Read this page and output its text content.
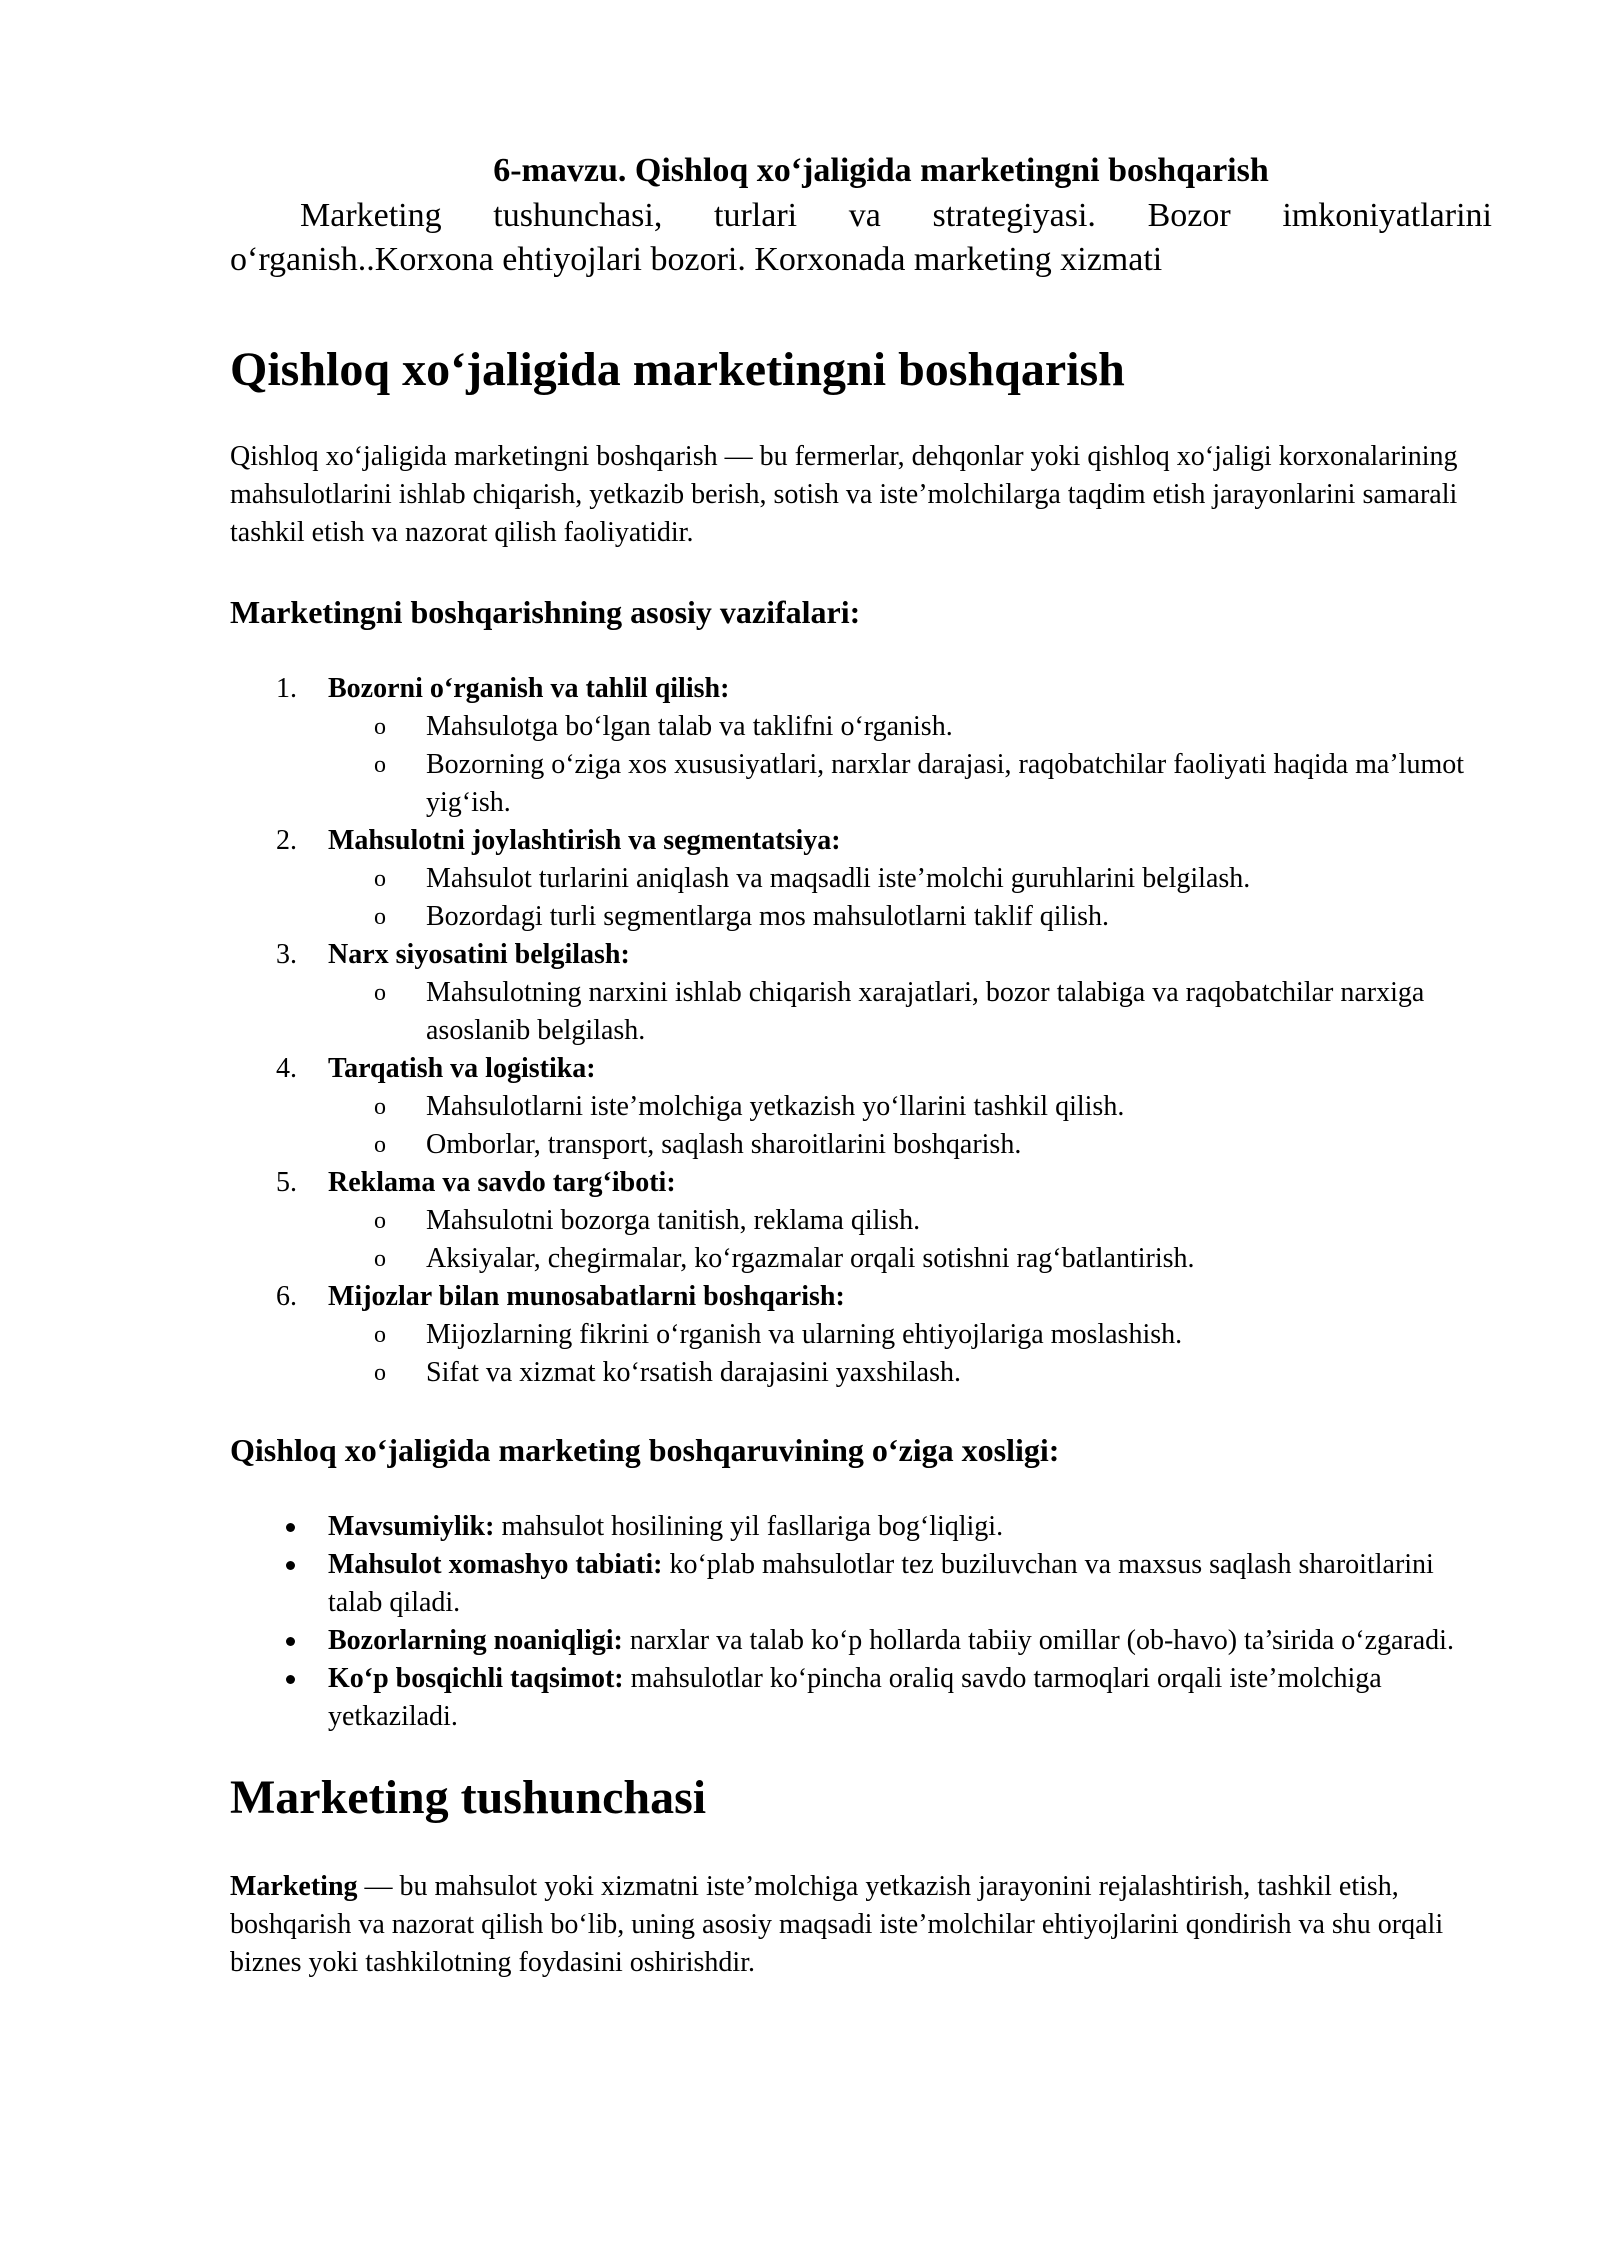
6-mavzu. Qishloq xo‘jaligida marketingni boshqarish

Marketing tushunchasi, turlari va strategiyasi. Bozor imkoniyatlarini o‘rganish..Korxona ehtiyojlari bozori. Korxonada marketing xizmati

Qishloq xo‘jaligida marketingni boshqarish

Qishloq xo‘jaligida marketingni boshqarish — bu fermerlar, dehqonlar yoki qishloq xo‘jaligi korxonalarining mahsulotlarini ishlab chiqarish, yetkazib berish, sotish va iste’molchilarga taqdim etish jarayonlarini samarali tashkil etish va nazorat qilish faoliyatidir.

Marketingni boshqarishning asosiy vazifalari:
1. Bozorni o‘rganish va tahlil qilish:
o Mahsulotga bo‘lgan talab va taklifni o‘rganish.
o Bozorning o‘ziga xos xususiyatlari, narxlar darajasi, raqobatchilar faoliyati haqida ma’lumot yig‘ish.
2. Mahsulotni joylashtirish va segmentatsiya:
o Mahsulot turlarini aniqlash va maqsadli iste’molchi guruhlarini belgilash.
o Bozordagi turli segmentlarga mos mahsulotlarni taklif qilish.
3. Narx siyosatini belgilash:
o Mahsulotning narxini ishlab chiqarish xarajatlari, bozor talabiga va raqobatchilar narxiga asoslanib belgilash.
4. Tarqatish va logistika:
o Mahsulotlarni iste’molchiga yetkazish yo‘llarini tashkil qilish.
o Omborlar, transport, saqlash sharoitlarini boshqarish.
5. Reklama va savdo targ‘iboti:
o Mahsulotni bozorga tanitish, reklama qilish.
o Aksiyalar, chegirmalar, ko‘rgazmalar orqali sotishni rag‘batlantirish.
6. Mijozlar bilan munosabatlarni boshqarish:
o Mijozlarning fikrini o‘rganish va ularning ehtiyojlariga moslashish.
o Sifat va xizmat ko‘rsatish darajasini yaxshilash.
Qishloq xo‘jaligida marketing boshqaruvining o‘ziga xosligi:
Mavsumiylik: mahsulot hosilining yil fasllariga bog‘liqligi.
Mahsulot xomashyo tabiati: ko‘plab mahsulotlar tez buziluvchan va maxsus saqlash sharoitlarini talab qiladi.
Bozorlarning noaniqligi: narxlar va talab ko‘p hollarda tabiiy omillar (ob-havo) ta’sirida o‘zgaradi.
Ko‘p bosqichli taqsimot: mahsulotlar ko‘pincha oraliq savdo tarmoqlari orqali iste’molchiga yetkaziladi.
Marketing tushunchasi

Marketing — bu mahsulot yoki xizmatni iste’molchiga yetkazish jarayonini rejalashtirish, tashkil etish, boshqarish va nazorat qilish bo‘lib, uning asosiy maqsadi iste’molchilar ehtiyojlarini qondirish va shu orqali biznes yoki tashkilotning foydasini oshirishdir.
